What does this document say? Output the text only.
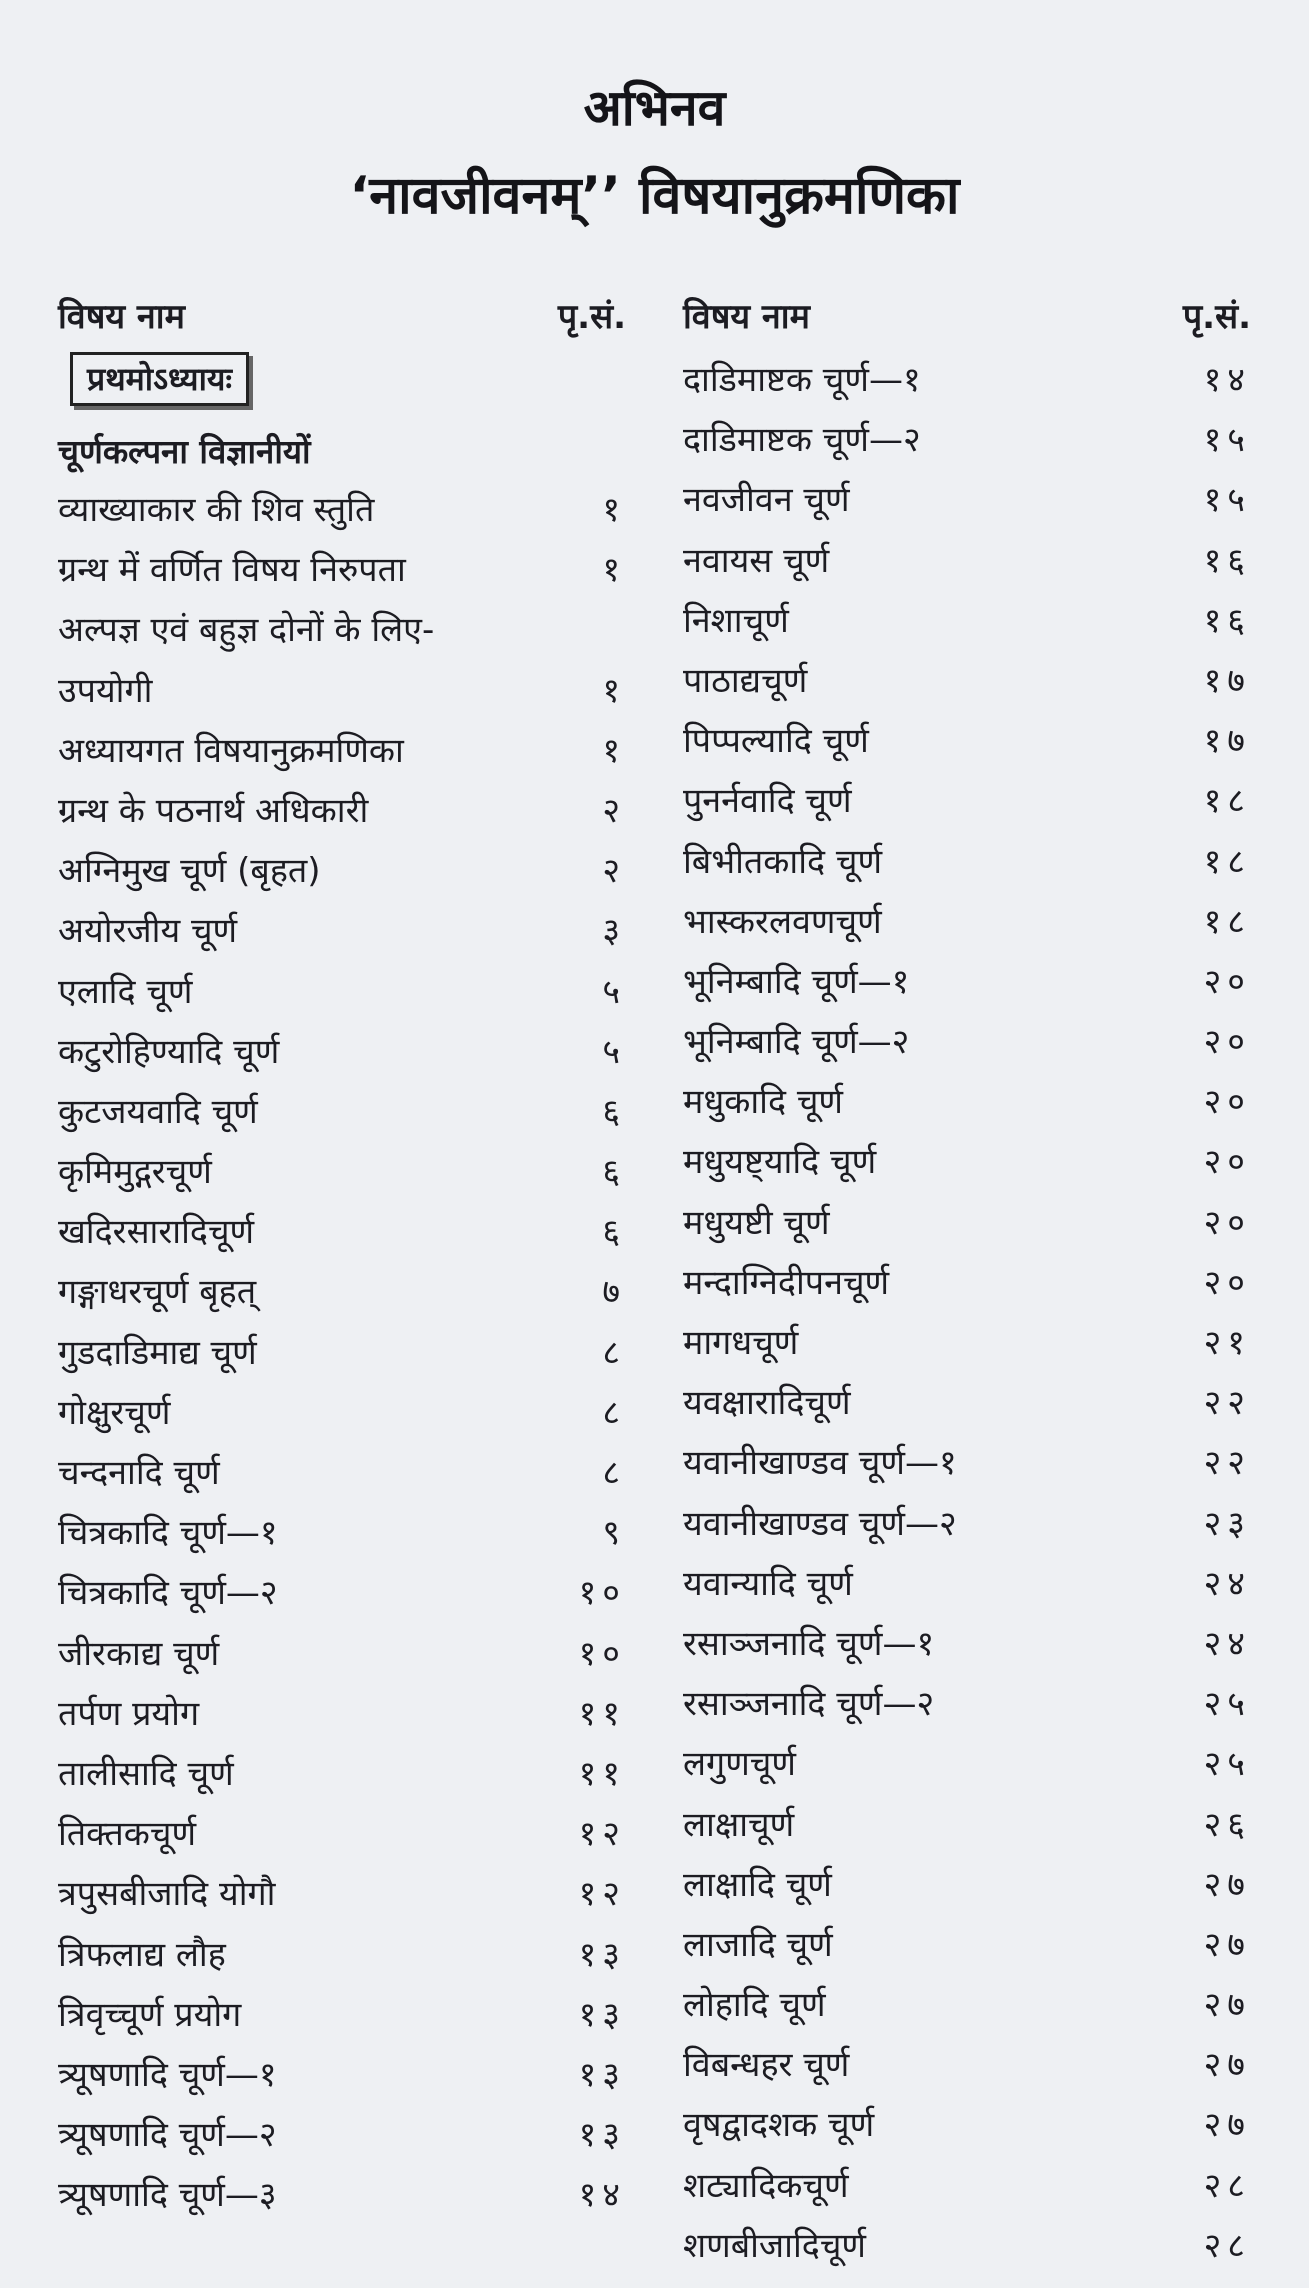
अभिनव
‘नावजीवनम्’’ विषयानुक्रमणिका
विषय नाम	पृ.सं.
प्रथमोऽध्यायः
चूर्णकल्पना विज्ञानीयों
व्याख्याकार की शिव स्तुति	१
ग्रन्थ में वर्णित विषय निरुपता	१
अल्पज्ञ एवं बहुज्ञ दोनों के लिए-
उपयोगी	१
अध्यायगत विषयानुक्रमणिका	१
ग्रन्थ के पठनार्थ अधिकारी	२
अग्निमुख चूर्ण (बृहत)	२
अयोरजीय चूर्ण	३
एलादि चूर्ण	५
कटुरोहिण्यादि चूर्ण	५
कुटजयवादि चूर्ण	६
कृमिमुद्गरचूर्ण	६
खदिरसारादिचूर्ण	६
गङ्गाधरचूर्ण बृहत्	७
गुडदाडिमाद्य चूर्ण	८
गोक्षुरचूर्ण	८
चन्दनादि चूर्ण	८
चित्रकादि चूर्ण—१	९
चित्रकादि चूर्ण—२	१०
जीरकाद्य चूर्ण	१०
तर्पण प्रयोग	११
तालीसादि चूर्ण	११
तिक्तकचूर्ण	१२
त्रपुसबीजादि योगौ	१२
त्रिफलाद्य लौह	१३
त्रिवृच्चूर्ण प्रयोग	१३
त्र्यूषणादि चूर्ण—१	१३
त्र्यूषणादि चूर्ण—२	१३
त्र्यूषणादि चूर्ण—३	१४
विषय नाम	पृ.सं.
दाडिमाष्टक चूर्ण—१	१४
दाडिमाष्टक चूर्ण—२	१५
नवजीवन चूर्ण	१५
नवायस चूर्ण	१६
निशाचूर्ण	१६
पाठाद्यचूर्ण	१७
पिप्पल्यादि चूर्ण	१७
पुनर्नवादि चूर्ण	१८
बिभीतकादि चूर्ण	१८
भास्करलवणचूर्ण	१८
भूनिम्बादि चूर्ण—१	२०
भूनिम्बादि चूर्ण—२	२०
मधुकादि चूर्ण	२०
मधुयष्ट्यादि चूर्ण	२०
मधुयष्टी चूर्ण	२०
मन्दाग्निदीपनचूर्ण	२०
मागधचूर्ण	२१
यवक्षारादिचूर्ण	२२
यवानीखाण्डव चूर्ण—१	२२
यवानीखाण्डव चूर्ण—२	२३
यवान्यादि चूर्ण	२४
रसाञ्जनादि चूर्ण—१	२४
रसाञ्जनादि चूर्ण—२	२५
लगुणचूर्ण	२५
लाक्षाचूर्ण	२६
लाक्षादि चूर्ण	२७
लाजादि चूर्ण	२७
लोहादि चूर्ण	२७
विबन्धहर चूर्ण	२७
वृषद्वादशक चूर्ण	२७
शट्यादिकचूर्ण	२८
शणबीजादिचूर्ण	२८
